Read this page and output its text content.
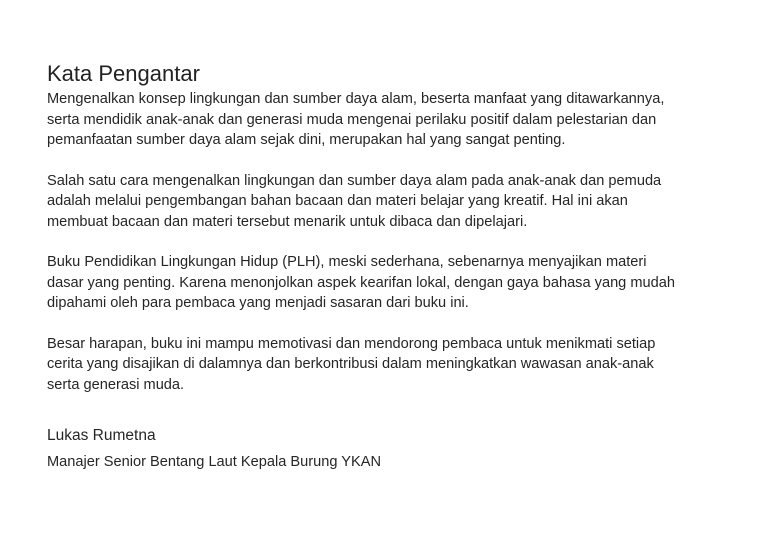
Kata Pengantar

Mengenalkan konsep lingkungan dan sumber daya alam, beserta manfaat yang ditawarkannya, serta mendidik anak-anak dan generasi muda mengenai perilaku positif dalam pelestarian dan pemanfaatan sumber daya alam sejak dini, merupakan hal yang sangat penting.

Salah satu cara mengenalkan lingkungan dan sumber daya alam pada anak-anak dan pemuda adalah melalui pengembangan bahan bacaan dan materi belajar yang kreatif. Hal ini akan membuat bacaan dan materi tersebut menarik untuk dibaca dan dipelajari.

Buku Pendidikan Lingkungan Hidup (PLH), meski sederhana, sebenarnya menyajikan materi dasar yang penting. Karena menonjolkan aspek kearifan lokal, dengan gaya bahasa yang mudah dipahami oleh para pembaca yang menjadi sasaran dari buku ini.

Besar harapan, buku ini mampu memotivasi dan mendorong pembaca untuk menikmati setiap cerita yang disajikan di dalamnya dan berkontribusi dalam meningkatkan wawasan anak-anak serta generasi muda.

Lukas Rumetna
Manajer Senior Bentang Laut Kepala Burung YKAN
